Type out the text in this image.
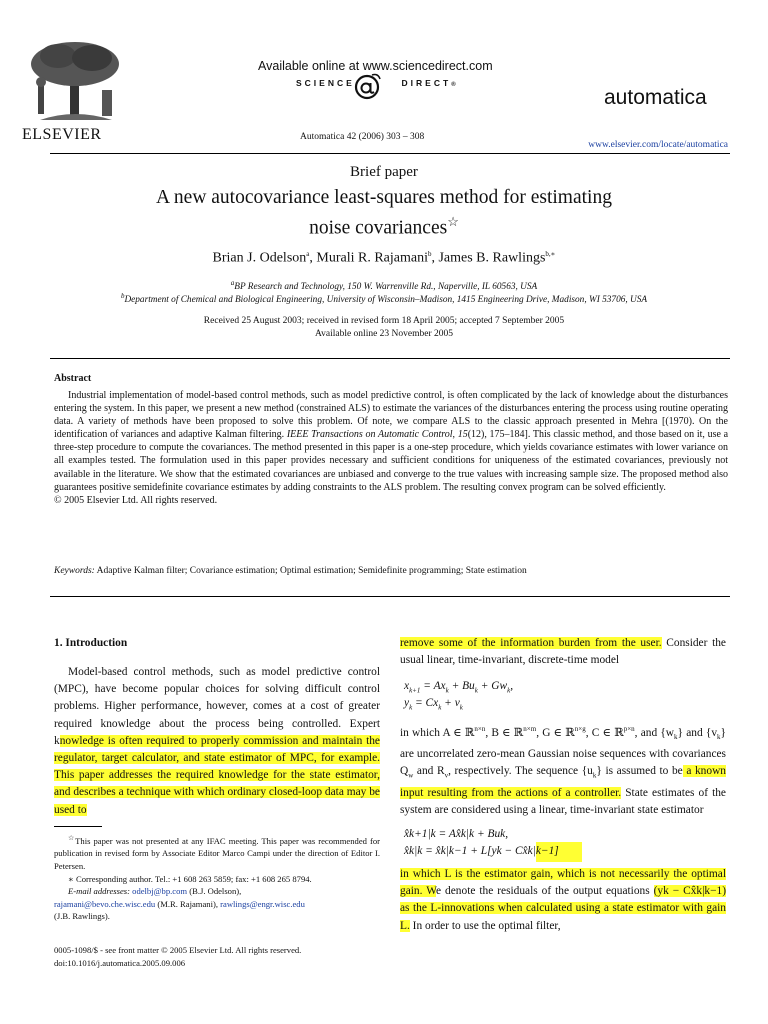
ELSEVIER
Available online at www.sciencedirect.com
SCIENCE	DIRECT®
automatica
Automatica 42 (2006) 303 – 308
www.elsevier.com/locate/automatica
Brief paper
A new autocovariance least-squares method for estimating
noise covariances☆
Brian J. Odelson$^a$, Murali R. Rajamani$^b$, James B. Rawlings$^{b,∗}$
$^a$BP Research and Technology, 150 W. Warrenville Rd., Naperville, IL 60563, USA
$^b$Department of Chemical and Biological Engineering, University of Wisconsin–Madison, 1415 Engineering Drive, Madison, WI 53706, USA
Received 25 August 2003; received in revised form 18 April 2005; accepted 7 September 2005
Available online 23 November 2005
Abstract
Industrial implementation of model-based control methods, such as model predictive control, is often complicated by the lack of knowledge about the disturbances entering the system. In this paper, we present a new method (constrained ALS) to estimate the variances of the disturbances entering the process using routine operating data. A variety of methods have been proposed to solve this problem. Of note, we compare ALS to the classic approach presented in Mehra [(1970). On the identification of variances and adaptive Kalman filtering. IEEE Transactions on Automatic Control, 15(12), 175–184]. This classic method, and those based on it, use a three-step procedure to compute the covariances. The method presented in this paper is a one-step procedure, which yields covariance estimates with lower variance on all examples tested. The formulation used in this paper provides necessary and sufficient conditions for uniqueness of the estimated covariances, previously not available in the literature. We show that the estimated covariances are unbiased and converge to the true values with increasing sample size. The proposed method also guarantees positive semidefinite covariance estimates by adding constraints to the ALS problem. The resulting convex program can be solved efficiently.
© 2005 Elsevier Ltd. All rights reserved.
Keywords: Adaptive Kalman filter; Covariance estimation; Optimal estimation; Semidefinite programming; State estimation
1. Introduction
Model-based control methods, such as model predictive control (MPC), have become popular choices for solving difficult control problems. Higher performance, however, comes at a cost of greater required knowledge about the process being controlled. Expert knowledge is often required to properly commission and maintain the regulator, target calculator, and state estimator of MPC, for example. This paper addresses the required knowledge for the state estimator, and describes a technique with which ordinary closed-loop data may be used to
☆This paper was not presented at any IFAC meeting. This paper was recommended for publication in revised form by Associate Editor Marco Campi under the direction of Editor I. Petersen.
∗ Corresponding author. Tel.: +1 608 263 5859; fax: +1 608 265 8794.
E-mail addresses: odelbj@bp.com (B.J. Odelson),
rajamani@bevo.che.wisc.edu (M.R. Rajamani), rawlings@engr.wisc.edu
(J.B. Rawlings).
0005-1098/$ - see front matter © 2005 Elsevier Ltd. All rights reserved.
doi:10.1016/j.automatica.2005.09.006
remove some of the information burden from the user. Consider the usual linear, time-invariant, discrete-time model
$x_{k+1} = Ax_k + Bu_k + Gw_k$,
$y_k = Cx_k + v_k$
in which A ∈ ℝ$^{n\times n}$, B ∈ ℝ$^{n\times m}$, G ∈ ℝ$^{n\times g}$, C ∈ ℝ$^{p\times n}$, and $\{w_k\}$ and $\{v_k\}$ are uncorrelated zero-mean Gaussian noise sequences with covariances $Q_w$ and $R_v$, respectively. The sequence $\{u_k\}$ is assumed to be a known input resulting from the actions of a controller. State estimates of the system are considered using a linear, time-invariant state estimator
x̂k+1|k = Ax̂k|k + Buk,
x̂k|k = x̂k|k−1 + L[yk − Cx̂k|k−1]
in which L is the estimator gain, which is not necessarily the optimal gain. We denote the residuals of the output equations (yk − Cx̂k|k−1) as the L-innovations when calculated using a state estimator with gain L. In order to use the optimal filter,
